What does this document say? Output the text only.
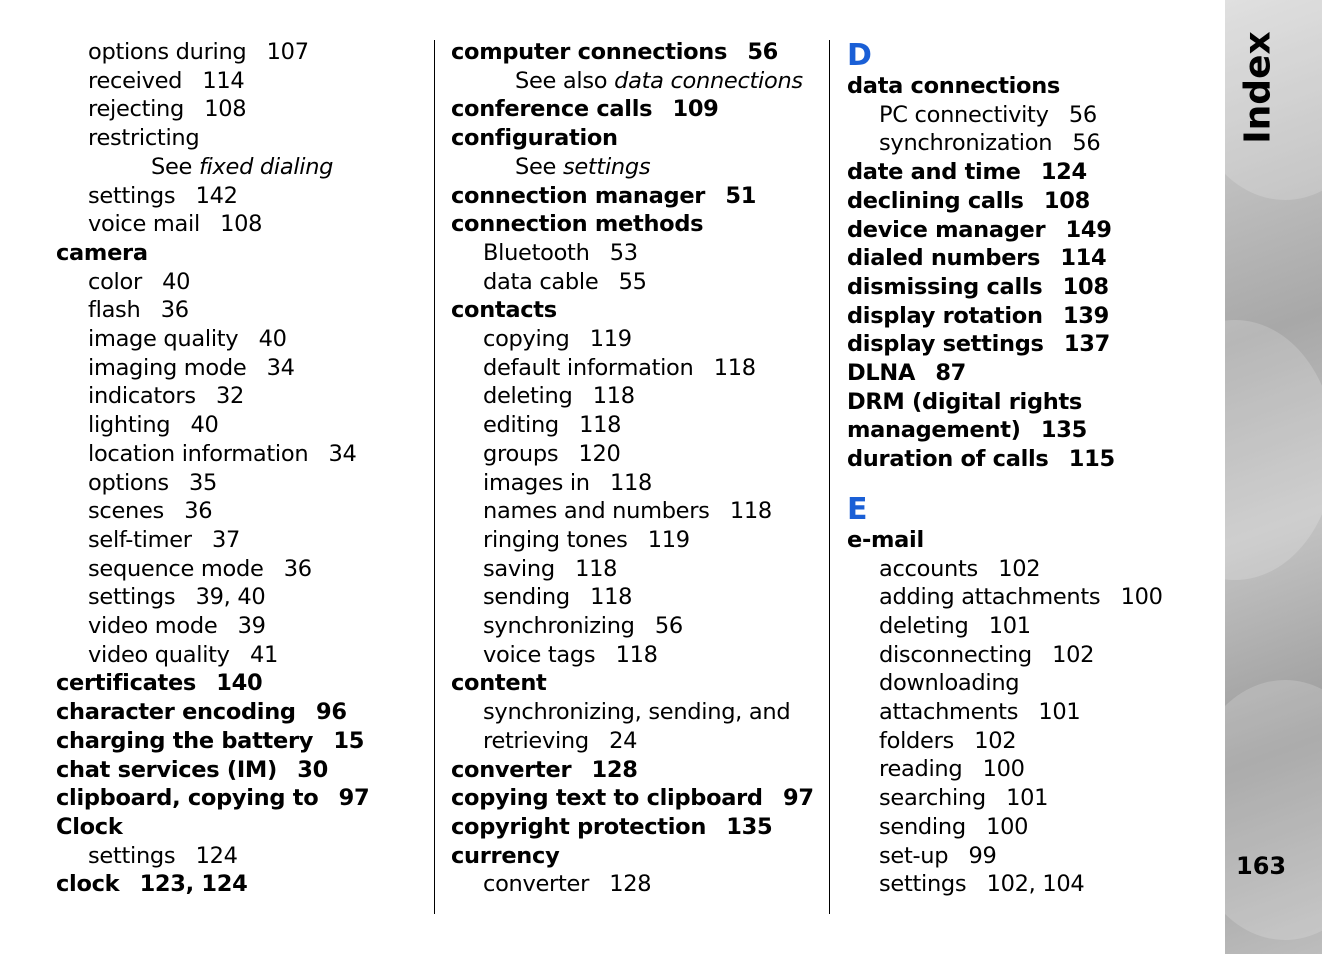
options during 107
received 114
rejecting 108
restricting
See fixed dialing
settings 142
voice mail 108
camera
color 40
flash 36
image quality 40
imaging mode 34
indicators 32
lighting 40
location information 34
options 35
scenes 36
self-timer 37
sequence mode 36
settings 39, 40
video mode 39
video quality 41
certificates 140
character encoding 96
charging the battery 15
chat services (IM) 30
clipboard, copying to 97
Clock
settings 124
clock 123, 124
computer connections 56
See also data connections
conference calls 109
configuration
See settings
connection manager 51
connection methods
Bluetooth 53
data cable 55
contacts
copying 119
default information 118
deleting 118
editing 118
groups 120
images in 118
names and numbers 118
ringing tones 119
saving 118
sending 118
synchronizing 56
voice tags 118
content
synchronizing, sending, and
retrieving 24
converter 128
copying text to clipboard 97
copyright protection 135
currency
converter 128
D
data connections
PC connectivity 56
synchronization 56
date and time 124
declining calls 108
device manager 149
dialed numbers 114
dismissing calls 108
display rotation 139
display settings 137
DLNA 87
DRM (digital rights
management) 135
duration of calls 115
E
e-mail
accounts 102
adding attachments 100
deleting 101
disconnecting 102
downloading
attachments 101
folders 102
reading 100
searching 101
sending 100
set-up 99
settings 102, 104
Index
163
